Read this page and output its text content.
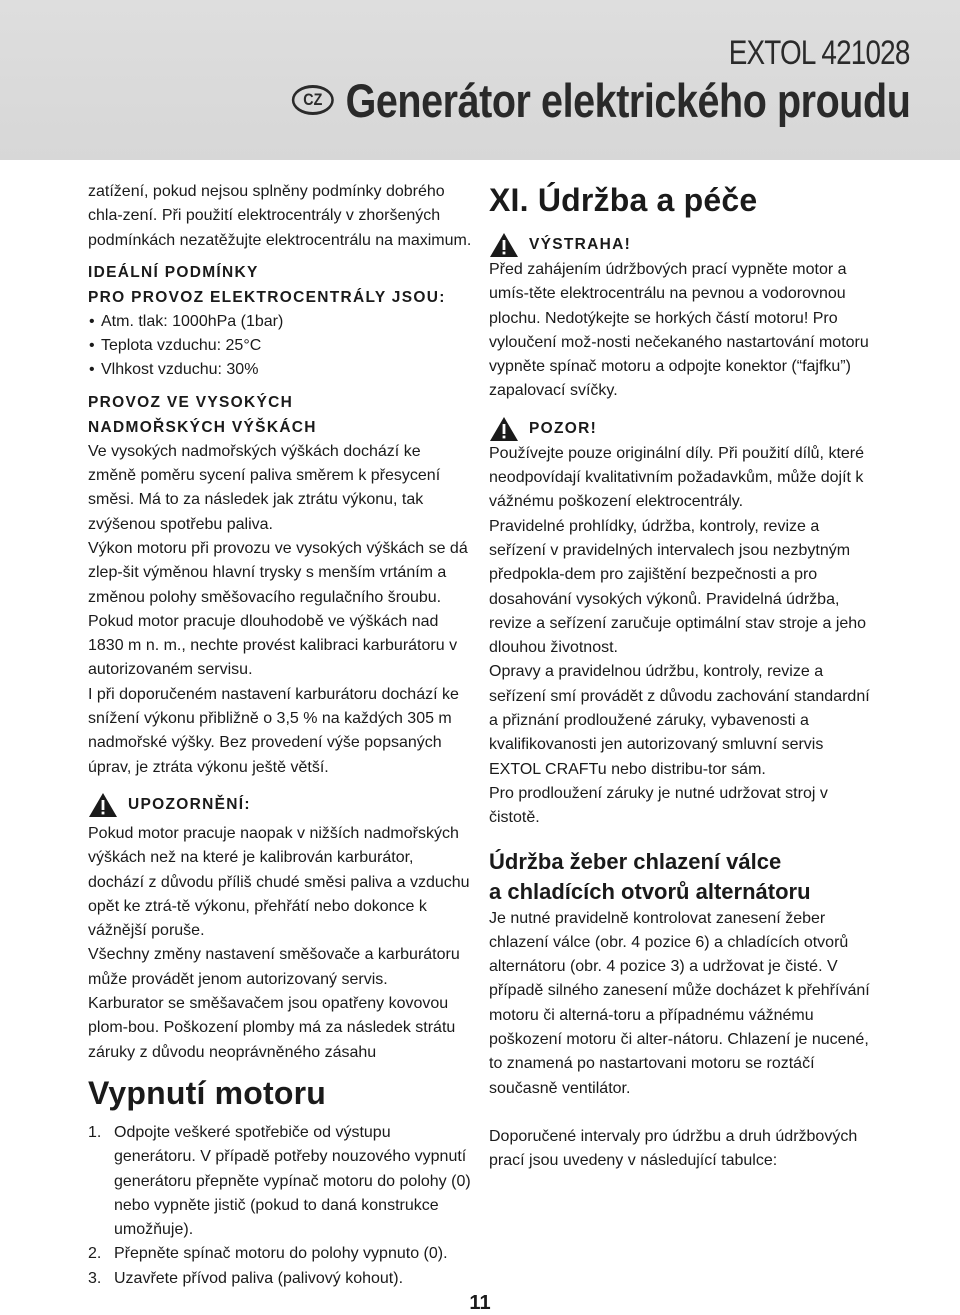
EXTOL 421028
CZ Generátor elektrického proudu

zatížení, pokud nejsou splněny podmínky dobrého chla-zení. Při použití elektrocentrály v zhoršených podmínkách nezatěžujte elektrocentrálu na maximum.

IDEÁLNÍ PODMÍNKY

PRO PROVOZ ELEKTROCENTRÁLY JSOU:

• Atm. tlak: 1000hPa (1bar)
• Teplota vzduchu: 25°C
• Vlhkost vzduchu: 30%

PROVOZ VE VYSOKÝCH

NADMOŘSKÝCH VÝŠKÁCH

Ve vysokých nadmořských výškách dochází ke změně poměru sycení paliva směrem k přesycení směsi. Má to za následek jak ztrátu výkonu, tak zvýšenou spotřebu paliva.

Výkon motoru při provozu ve vysokých výškách se dá zlep-šit výměnou hlavní trysky s menším vrtáním a změnou polohy směšovacího regulačního šroubu. Pokud motor pracuje dlouhodobě ve výškách nad 1830 m n. m., nechte provést kalibraci karburátoru v autorizovaném servisu.

I při doporučeném nastavení karburátoru dochází ke snížení výkonu přibližně o 3,5 % na každých 305 m nadmořské výšky. Bez provedení výše popsaných úprav, je ztráta výkonu ještě větší.

UPOZORNĚNÍ:

Pokud motor pracuje naopak v nižších nadmořských výškách než na které je kalibrován karburátor, dochází z důvodu příliš chudé směsi paliva a vzduchu opět ke ztrá-tě výkonu, přehřátí nebo dokonce k vážnější poruše.

Všechny změny nastavení směšovače a karburátoru může provádět jenom autorizovaný servis.

Karburator se směšavačem jsou opatřeny kovovou plom-bou. Poškození plomby má za následek strátu záruky z důvodu neoprávněného zásahu

Vypnutí motoru
1. Odpojte veškeré spotřebiče od výstupu generátoru. V případě potřeby nouzového vypnutí generátoru přepněte vypínač motoru do polohy (0) nebo vypněte jistič (pokud to daná konstrukce umožňuje).
2. Přepněte spínač motoru do polohy vypnuto (0).
3. Uzavřete přívod paliva (palivový kohout).
XI. Údržba a péče
VÝSTRAHA!

Před zahájením údržbových prací vypněte motor a umís-těte elektrocentrálu na pevnou a vodorovnou plochu. Nedotýkejte se horkých částí motoru! Pro vyloučení mož-nosti nečekaného nastartování motoru vypněte spínač motoru a odpojte konektor (“fajfku”) zapalovací svíčky.

POZOR!

Používejte pouze originální díly. Při použití dílů, které neodpovídají kvalitativním požadavkům, může dojít k vážnému poškození elektrocentrály.

Pravidelné prohlídky, údržba, kontroly, revize a seřízení v pravidelných intervalech jsou nezbytným předpokla-dem pro zajištění bezpečnosti a pro dosahování vysokých výkonů. Pravidelná údržba, revize a seřízení zaručuje optimální stav stroje a jeho dlouhou životnost.

Opravy a pravidelnou údržbu, kontroly, revize a seřízení smí provádět z důvodu zachování standardní a přiznání prodloužené záruky, vybavenosti a kvalifikovanosti jen autorizovaný smluvní servis EXTOL CRAFTu nebo distribu-tor sám.

Pro prodloužení záruky je nutné udržovat stroj v čistotě.

Údržba žeber chlazení válce
a chladících otvorů alternátoru

Je nutné pravidelně kontrolovat zanesení žeber chlazení válce (obr. 4 pozice 6) a chladících otvorů alternátoru (obr. 4 pozice 3) a udržovat je čisté. V případě silného zanesení může docházet k přehřívání motoru či alterná-toru a případnému vážnému poškození motoru či alter-nátoru. Chlazení je nucené, to znamená po nastartovani motoru se roztáčí současně ventilátor.

Doporučené intervaly pro údržbu a druh údržbových prací jsou uvedeny v následující tabulce:

11
